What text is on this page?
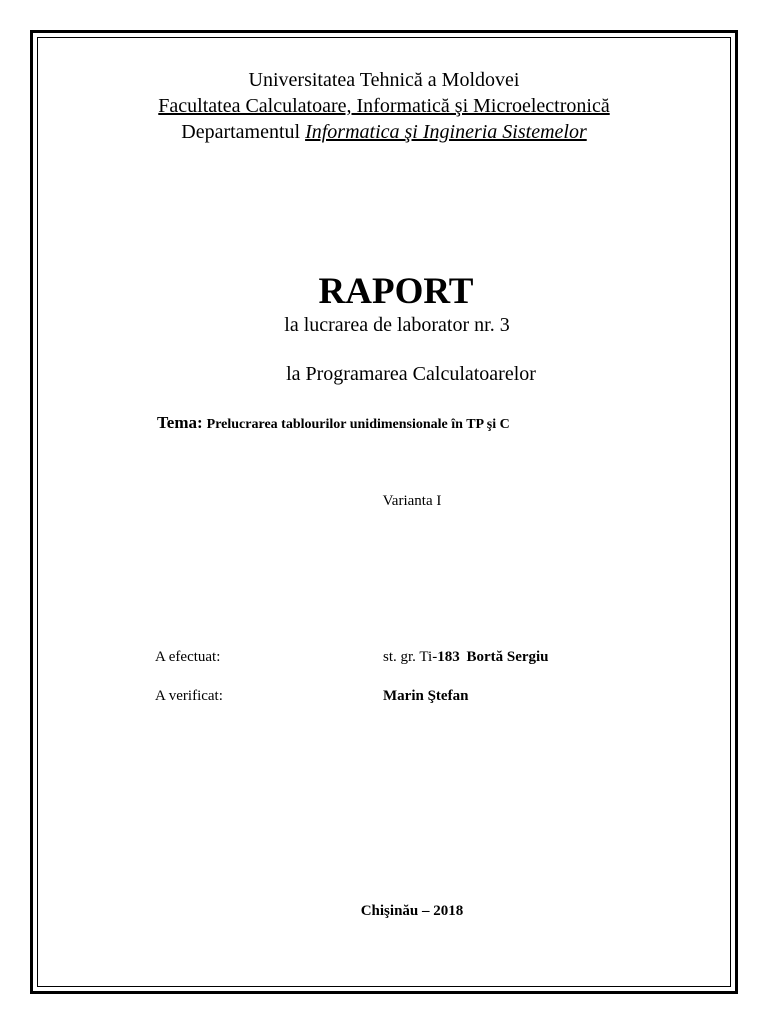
Universitatea Tehnică a Moldovei
Facultatea Calculatoare, Informatică şi Microelectronică
Departamentul Informatica şi Ingineria Sistemelor
RAPORT
la lucrarea de laborator nr. 3
la Programarea Calculatoarelor
Tema: Prelucrarea tablourilor unidimensionale în TP şi C
Varianta I
A efectuat:	st. gr. Ti-183 Bortă Sergiu
A verificat:	Marin Ştefan
Chişinău – 2018
